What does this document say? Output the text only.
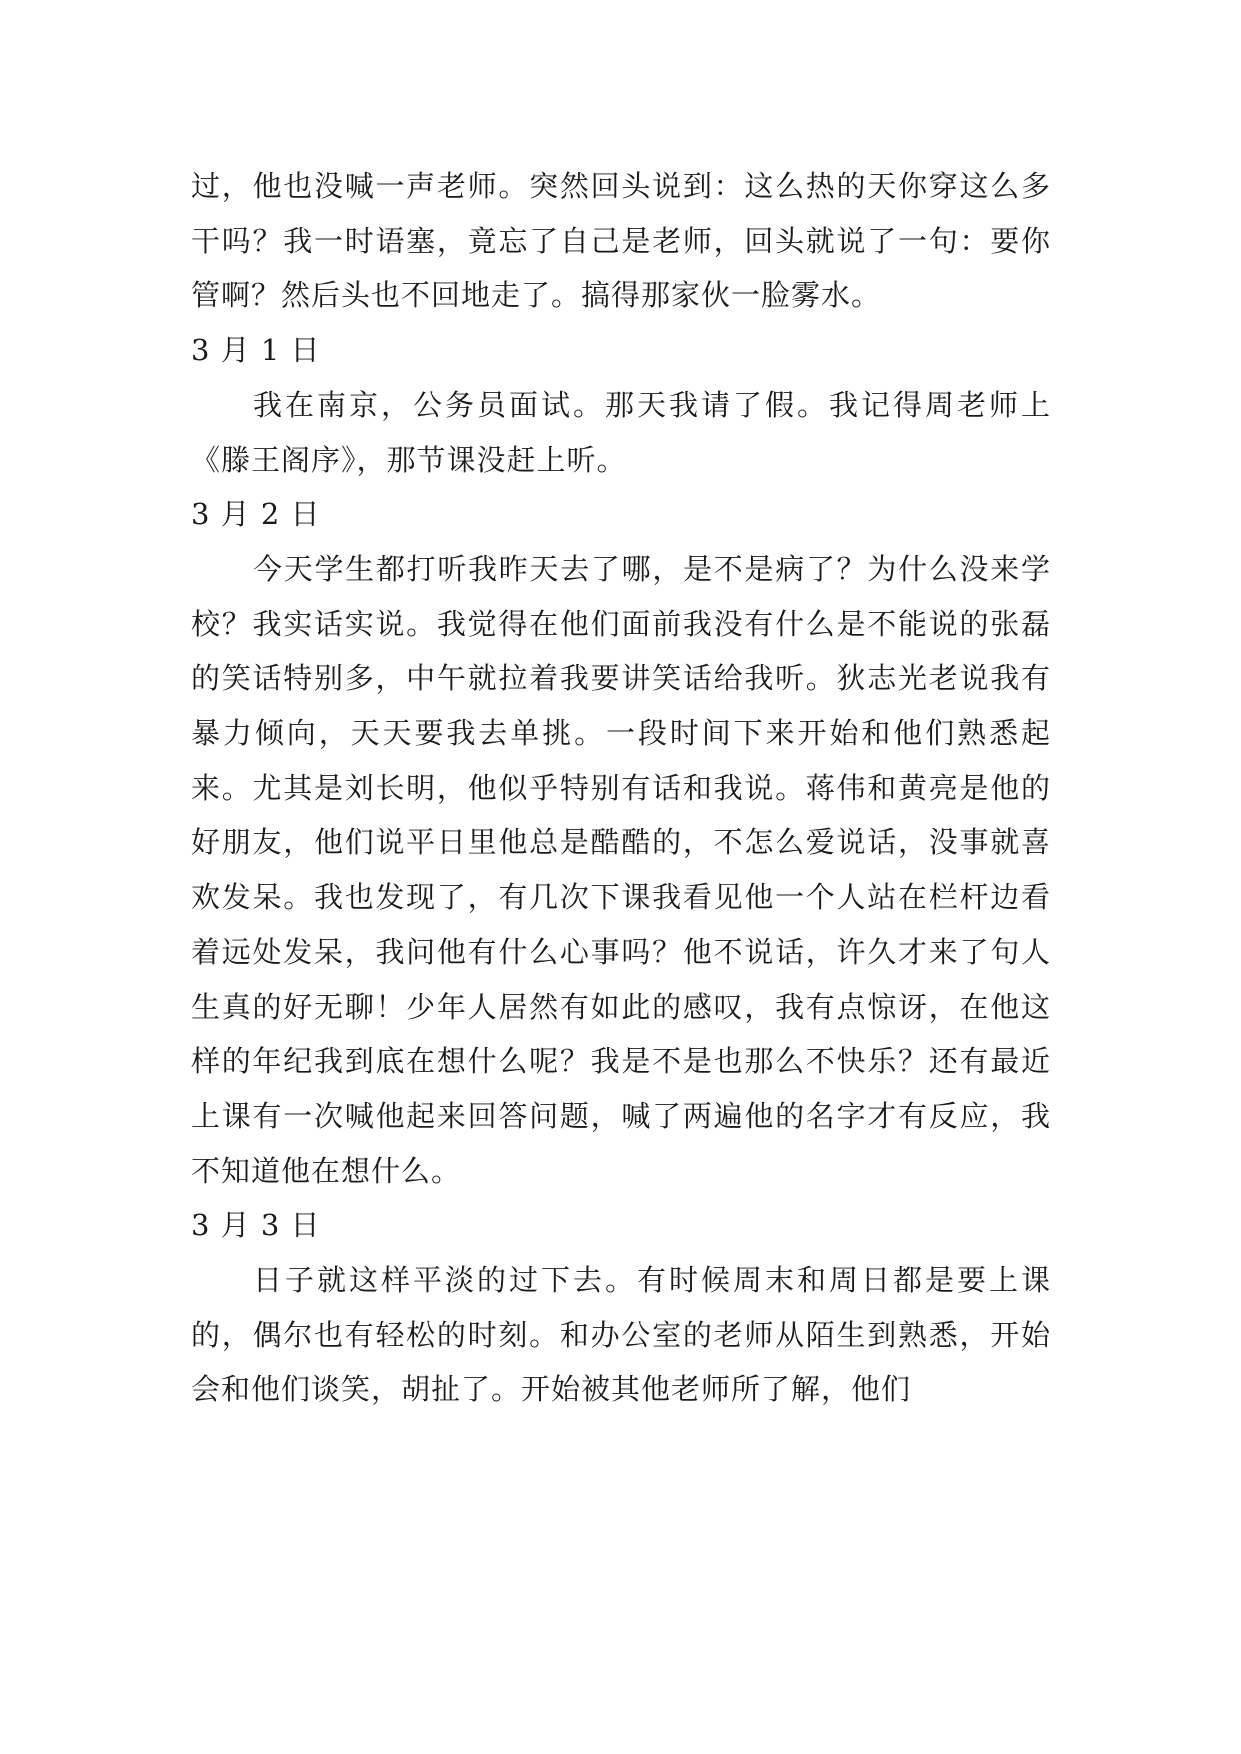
过，他也没喊一声老师。突然回头说到：这么热的天你穿这么多干吗？我一时语塞，竟忘了自己是老师，回头就说了一句：要你管啊？然后头也不回地走了。搞得那家伙一脸雾水。

3 月 1 日

我在南京，公务员面试。那天我请了假。我记得周老师上《滕王阁序》，那节课没赶上听。

3 月 2 日

今天学生都打听我昨天去了哪，是不是病了？为什么没来学校？我实话实说。我觉得在他们面前我没有什么是不能说的张磊的笑话特别多，中午就拉着我要讲笑话给我听。狄志光老说我有暴力倾向，天天要我去单挑。一段时间下来开始和他们熟悉起来。尤其是刘长明，他似乎特别有话和我说。蒋伟和黄亮是他的好朋友，他们说平日里他总是酷酷的，不怎么爱说话，没事就喜欢发呆。我也发现了，有几次下课我看见他一个人站在栏杆边看着远处发呆，我问他有什么心事吗？他不说话，许久才来了句人生真的好无聊！少年人居然有如此的感叹，我有点惊讶，在他这样的年纪我到底在想什么呢？我是不是也那么不快乐？还有最近上课有一次喊他起来回答问题，喊了两遍他的名字才有反应，我不知道他在想什么。

3 月 3 日

日子就这样平淡的过下去。有时候周末和周日都是要上课的，偶尔也有轻松的时刻。和办公室的老师从陌生到熟悉，开始会和他们谈笑，胡扯了。开始被其他老师所了解，他们
